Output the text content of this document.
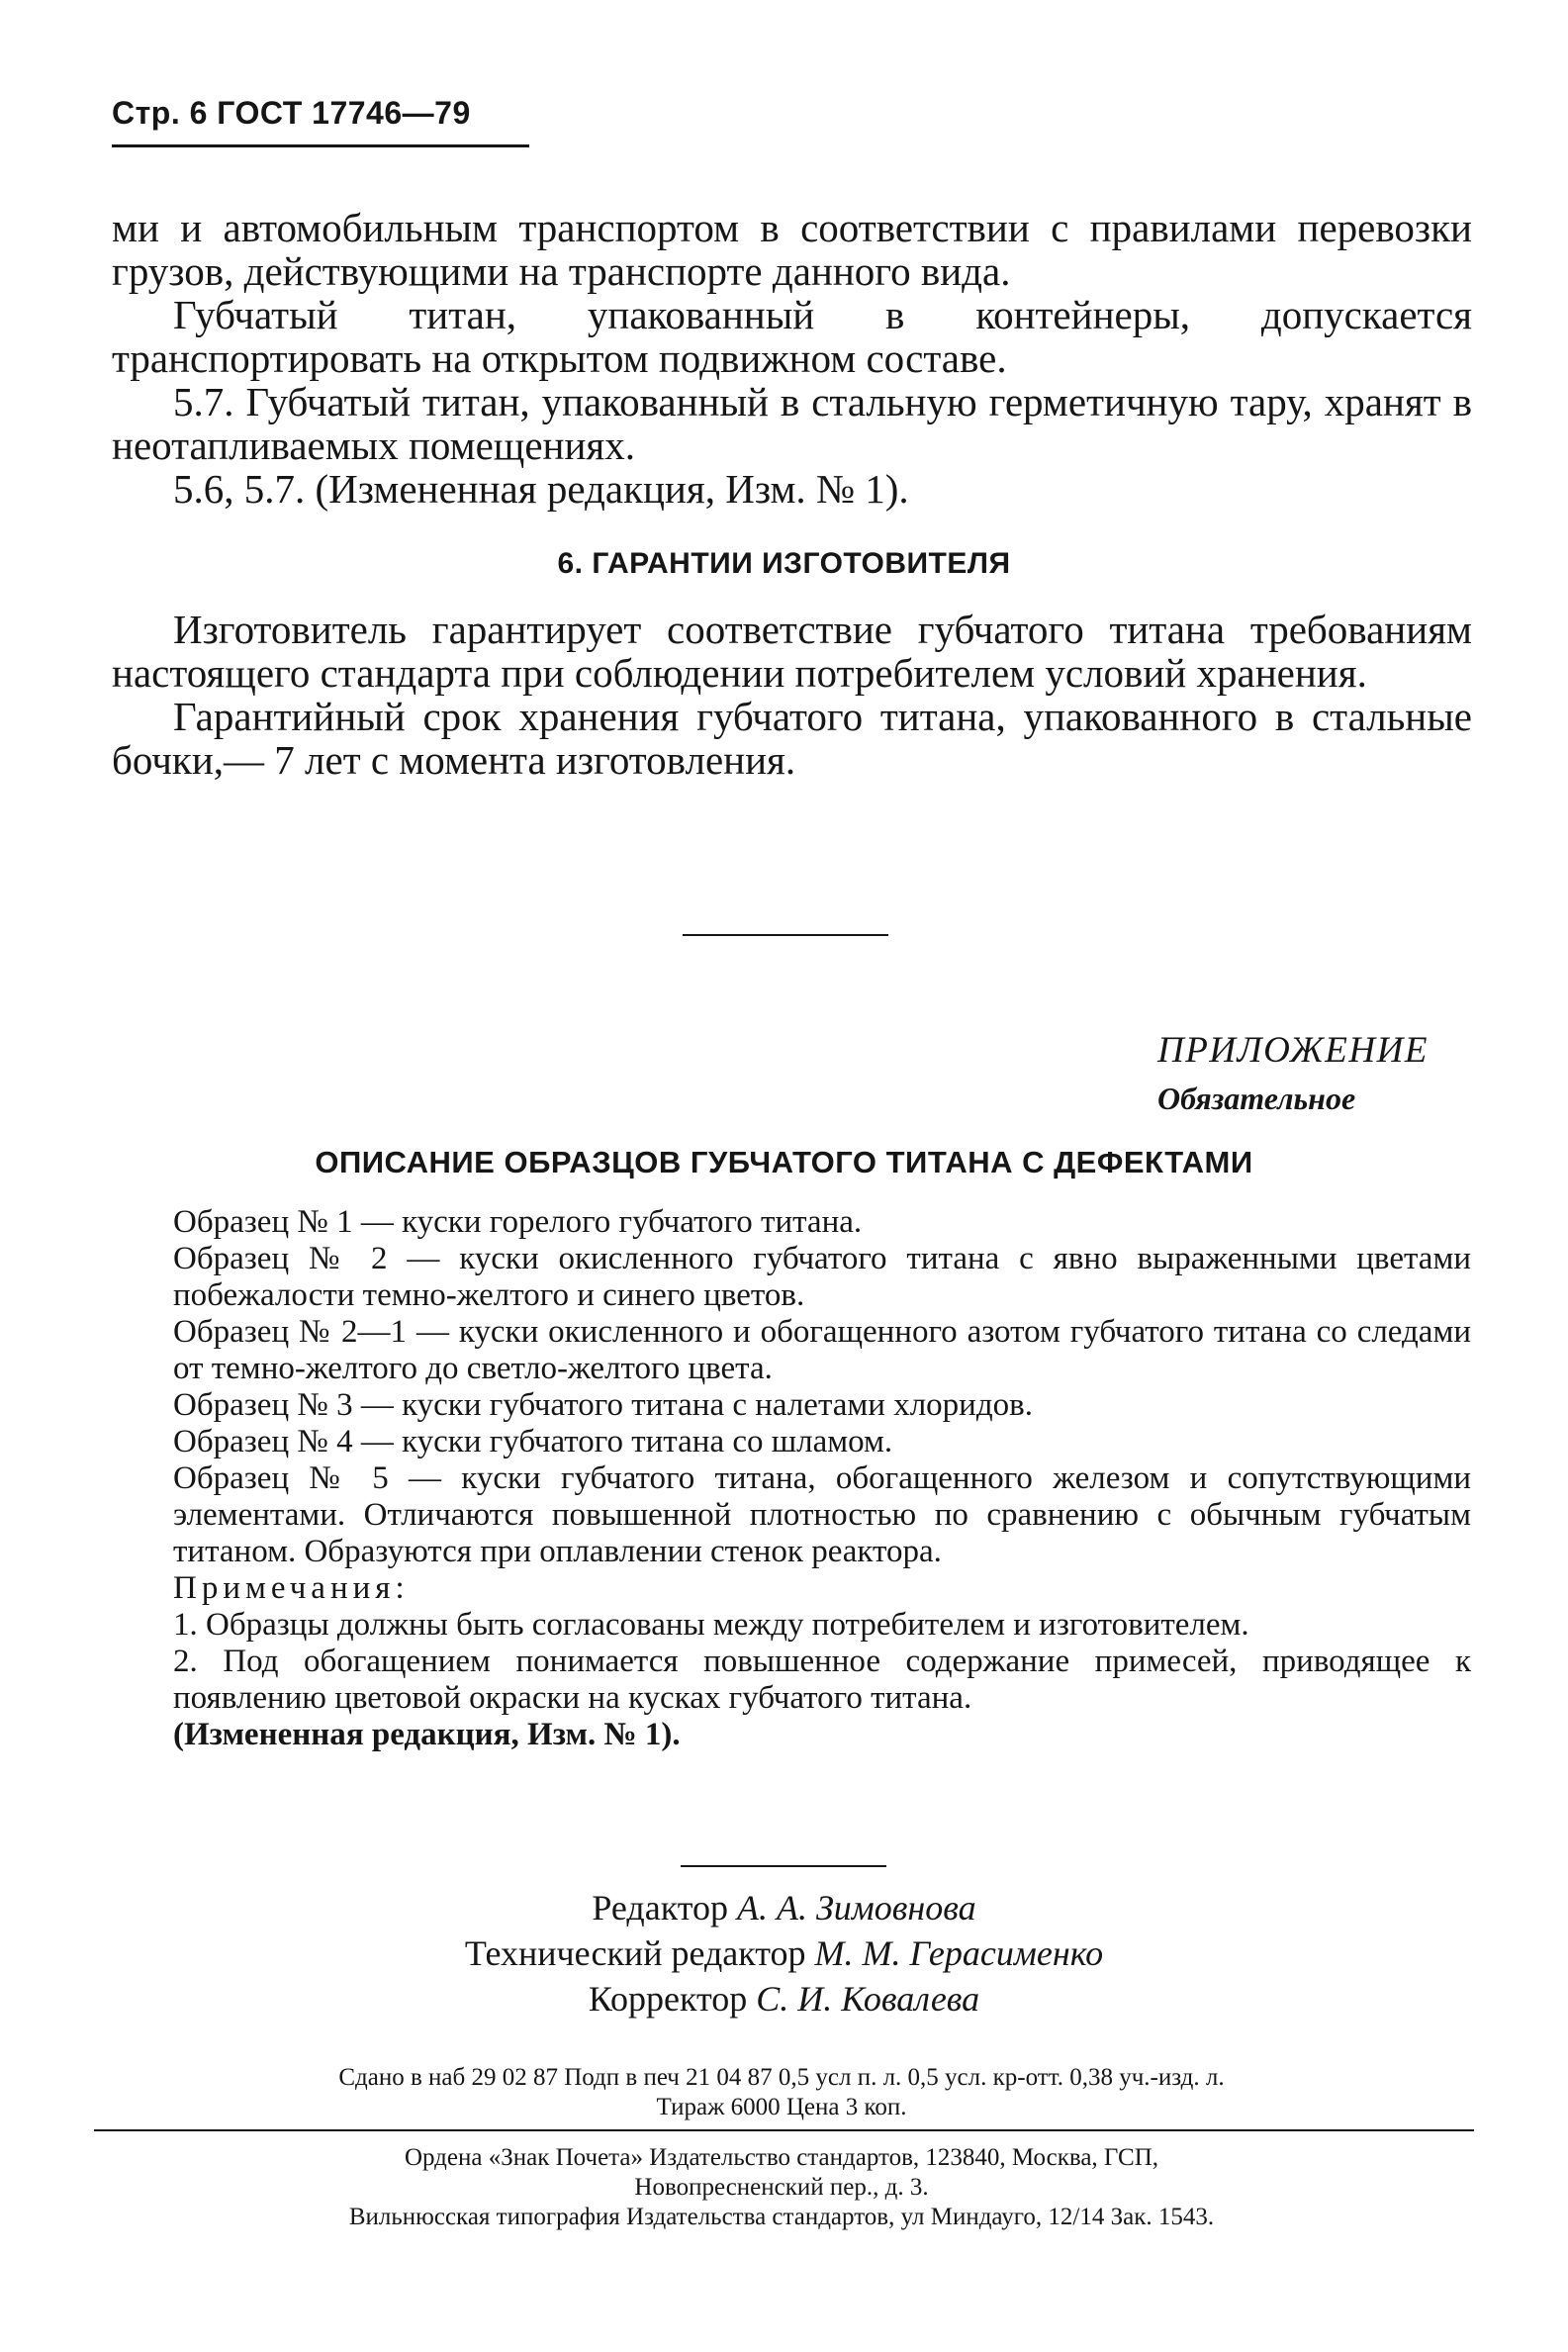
Стр. 6 ГОСТ 17746—79

ми и автомобильным транспортом в соответствии с правилами перевозки грузов, действующими на транспорте данного вида.

Губчатый титан, упакованный в контейнеры, допускается транспортировать на открытом подвижном составе.

5.7. Губчатый титан, упакованный в стальную герметичную тару, хранят в неотапливаемых помещениях.

5.6, 5.7. (Измененная редакция, Изм. № 1).

6. ГАРАНТИИ ИЗГОТОВИТЕЛЯ

Изготовитель гарантирует соответствие губчатого титана требованиям настоящего стандарта при соблюдении потребителем условий хранения.

Гарантийный срок хранения губчатого титана, упакованного в стальные бочки,— 7 лет с момента изготовления.

ПРИЛОЖЕНИЕ
Обязательное
ОПИСАНИЕ ОБРАЗЦОВ ГУБЧАТОГО ТИТАНА С ДЕФЕКТАМИ

Образец № 1 — куски горелого губчатого титана.

Образец № 2 — куски окисленного губчатого титана с явно выраженными цветами побежалости темно-желтого и синего цветов.

Образец № 2—1 — куски окисленного и обогащенного азотом губчатого титана со следами от темно-желтого до светло-желтого цвета.

Образец № 3 — куски губчатого титана с налетами хлоридов.

Образец № 4 — куски губчатого титана со шламом.

Образец № 5 — куски губчатого титана, обогащенного железом и сопутствующими элементами. Отличаются повышенной плотностью по сравнению с обычным губчатым титаном. Образуются при оплавлении стенок реактора.

Примечания:

1. Образцы должны быть согласованы между потребителем и изготовителем.

2. Под обогащением понимается повышенное содержание примесей, приводящее к появлению цветовой окраски на кусках губчатого титана.

(Измененная редакция, Изм. № 1).

Редактор А. А. Зимовнова
Технический редактор М. М. Герасименко
Корректор С. И. Ковалева
Сдано в наб 29 02 87 Подп в печ 21 04 87 0,5 усл п. л. 0,5 усл. кр-отт. 0,38 уч.-изд. л.
Тираж 6000 Цена 3 коп.
Ордена «Знак Почета» Издательство стандартов, 123840, Москва, ГСП,
Новопресненский пер., д. 3.
Вильнюсская типография Издательства стандартов, ул Миндауго, 12/14 Зак. 1543.
